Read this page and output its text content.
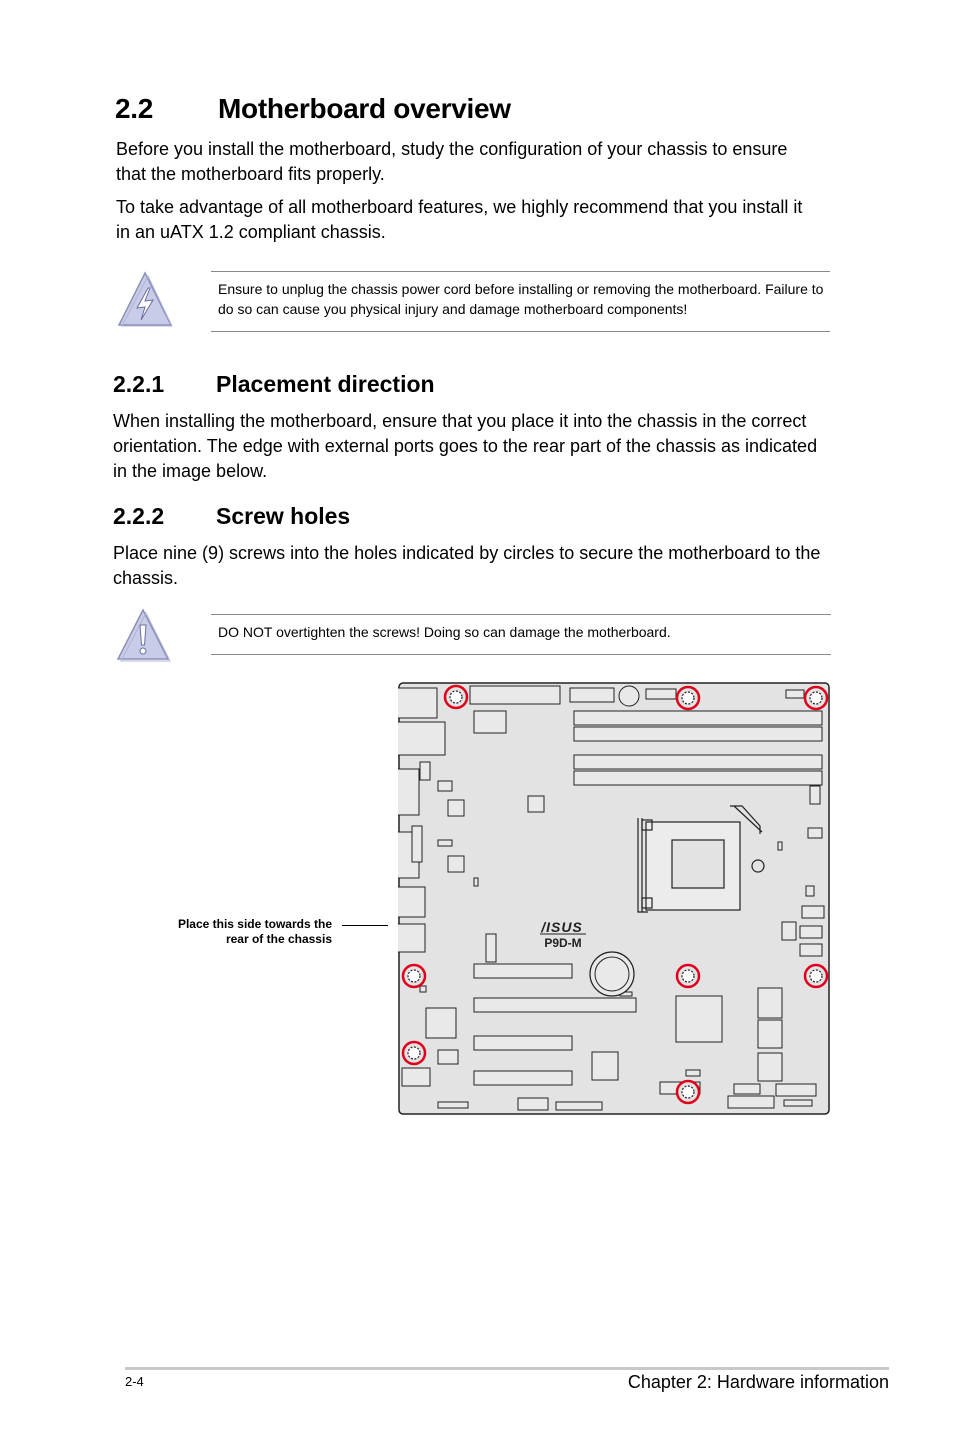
2.2 Motherboard overview

Before you install the motherboard, study the configuration of your chassis to ensure that the motherboard fits properly.

To take advantage of all motherboard features, we highly recommend that you install it in an uATX 1.2 compliant chassis.

Ensure to unplug the chassis power cord before installing or removing the motherboard. Failure to do so can cause you physical injury and damage motherboard components!

2.2.1 Placement direction

When installing the motherboard, ensure that you place it into the chassis in the correct orientation. The edge with external ports goes to the rear part of the chassis as indicated in the image below.

2.2.2 Screw holes

Place nine (9) screws into the holes indicated by circles to secure the motherboard to the chassis.

DO NOT overtighten the screws! Doing so can damage the motherboard.

Place this side towards the rear of the chassis
/ISUS
P9D-M
2-4	Chapter 2: Hardware information
